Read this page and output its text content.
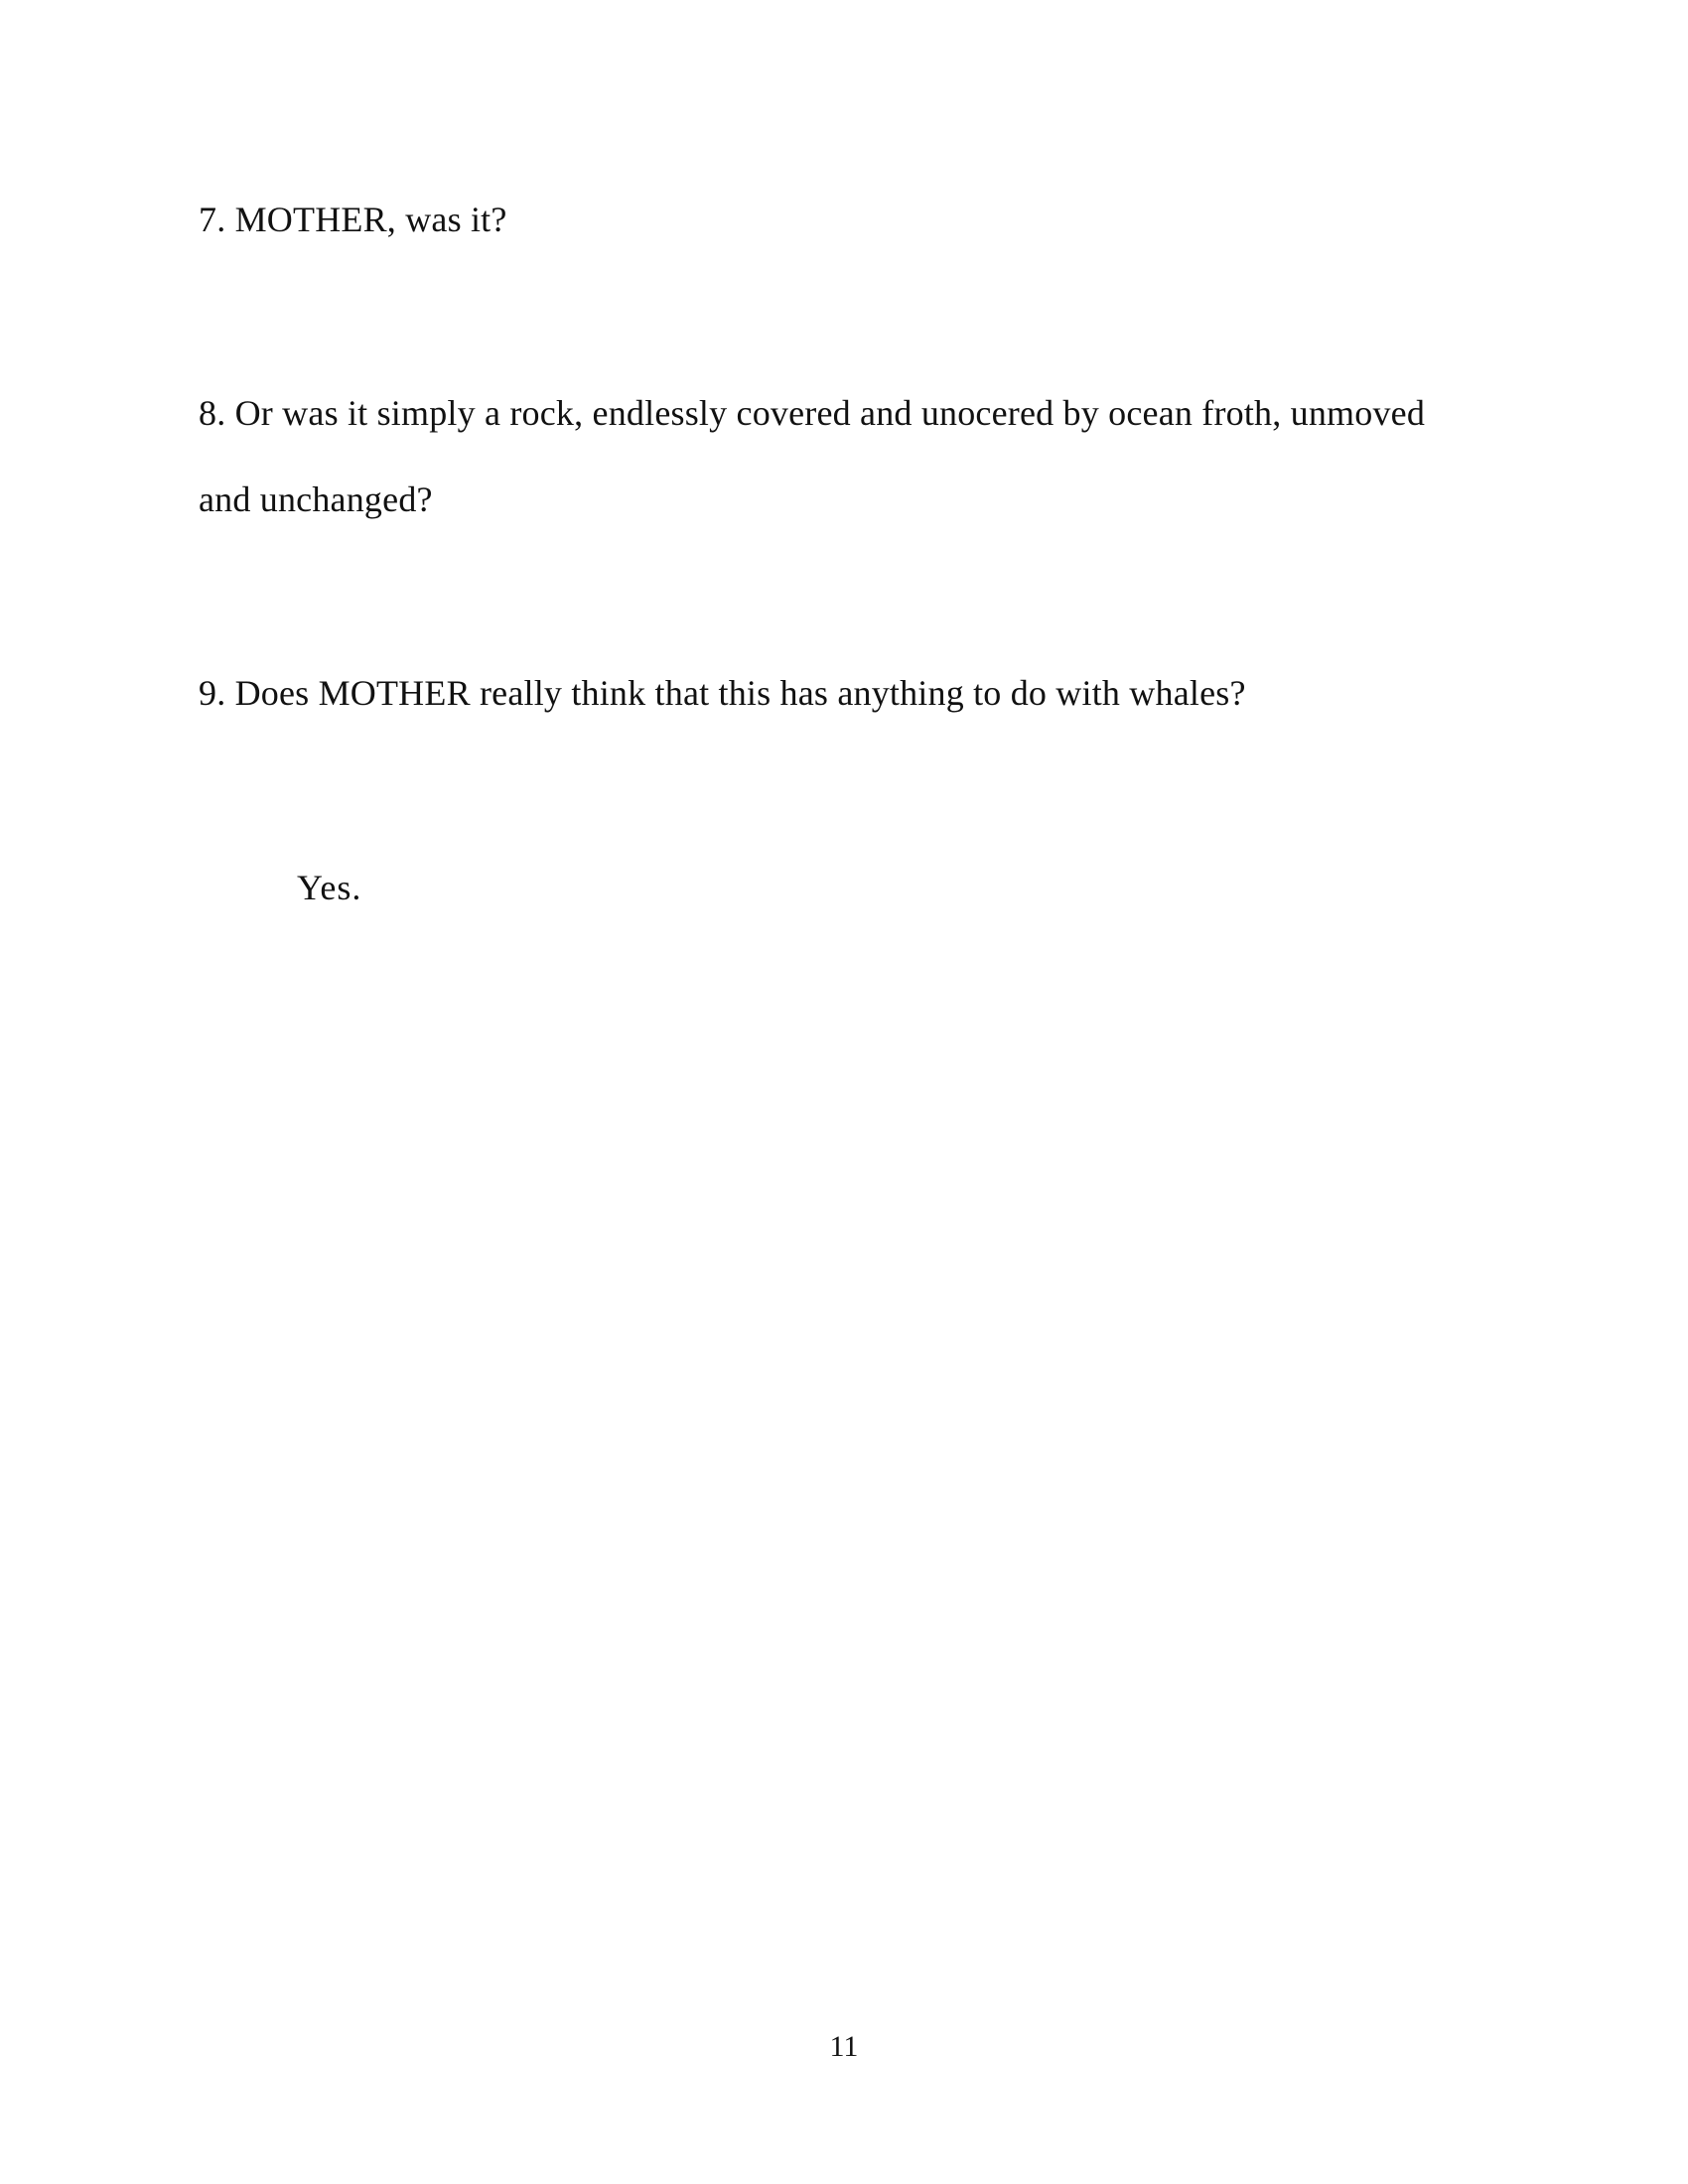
7. MOTHER, was it?

8. Or was it simply a rock, endlessly covered and unocered by ocean froth, unmoved
and unchanged?

9. Does MOTHER really think that this has anything to do with whales?

Yes.

11
